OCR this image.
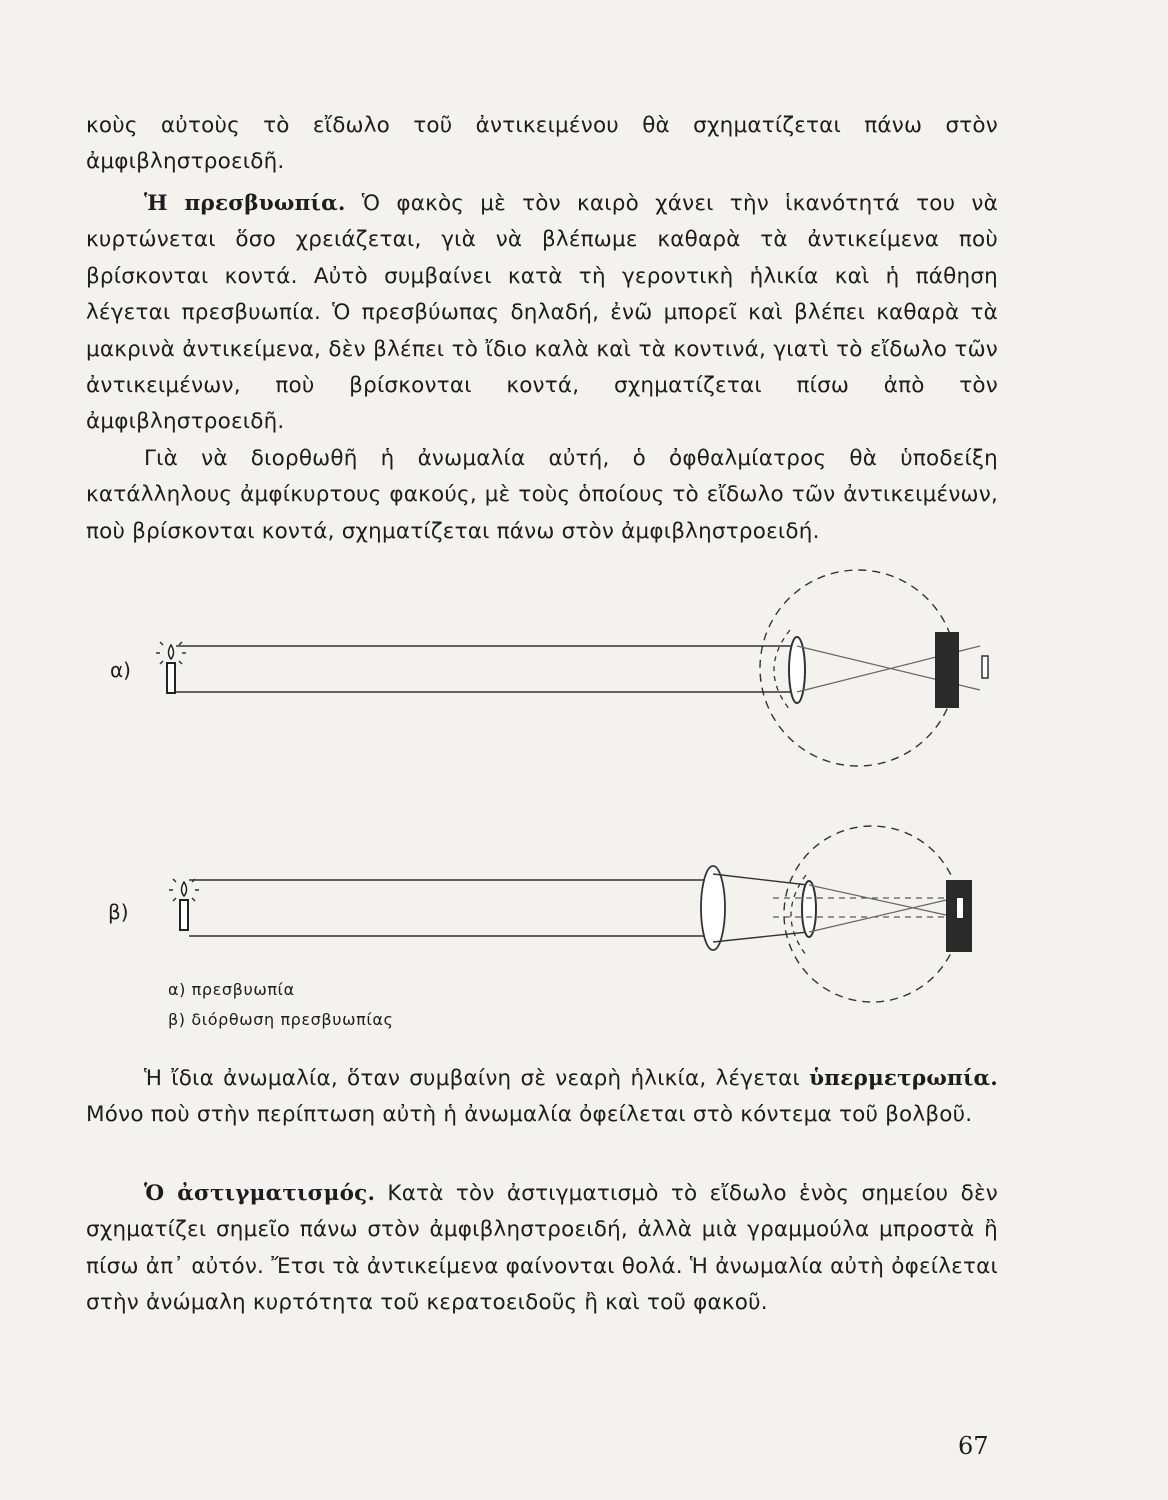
κοὺς αὐτοὺς τὸ εἴδωλο τοῦ ἀντικειμένου θὰ σχηματίζεται πάνω στὸν ἀμφιβληστροειδῆ.

Ἡ πρεσβυωπία. Ὁ φακὸς μὲ τὸν καιρὸ χάνει τὴν ἱκανότητά του νὰ κυρτώνεται ὅσο χρειάζεται, γιὰ νὰ βλέπωμε καθαρὰ τὰ ἀντικείμενα ποὺ βρίσκονται κοντά. Αὐτὸ συμβαίνει κατὰ τὴ γεροντικὴ ἡλικία καὶ ἡ πάθηση λέγεται πρεσβυωπία. Ὁ πρεσβύωπας δηλαδή, ἐνῶ μπορεῖ καὶ βλέπει καθαρὰ τὰ μακρινὰ ἀντικείμενα, δὲν βλέπει τὸ ἴδιο καλὰ καὶ τὰ κοντινά, γιατὶ τὸ εἴδωλο τῶν ἀντικειμένων, ποὺ βρίσκονται κοντά, σχηματίζεται πίσω ἀπὸ τὸν ἀμφιβληστροειδῆ.

Γιὰ νὰ διορθωθῆ ἡ ἀνωμαλία αὐτή, ὁ ὀφθαλμίατρος θὰ ὑποδείξη κατάλληλους ἀμφίκυρτους φακούς, μὲ τοὺς ὁποίους τὸ εἴδωλο τῶν ἀντικειμένων, ποὺ βρίσκονται κοντά, σχηματίζεται πάνω στὸν ἀμφιβληστροειδή.

α)
β)
α) πρεσβυωπία
β) διόρθωση πρεσβυωπίας

Ἡ ἴδια ἀνωμαλία, ὅταν συμβαίνη σὲ νεαρὴ ἡλικία, λέγεται ὑπερμετρωπία. Μόνο ποὺ στὴν περίπτωση αὐτὴ ἡ ἀνωμαλία ὀφείλεται στὸ κόντεμα τοῦ βολβοῦ.

Ὁ ἀστιγματισμός. Κατὰ τὸν ἀστιγματισμὸ τὸ εἴδωλο ἑνὸς σημείου δὲν σχηματίζει σημεῖο πάνω στὸν ἀμφιβληστροειδή, ἀλλὰ μιὰ γραμμούλα μπροστὰ ἢ πίσω ἀπ᾽ αὐτόν. Ἔτσι τὰ ἀντικείμενα φαίνονται θολά. Ἡ ἀνωμαλία αὐτὴ ὀφείλεται στὴν ἀνώμαλη κυρτότητα τοῦ κερατοειδοῦς ἢ καὶ τοῦ φακοῦ.

67
